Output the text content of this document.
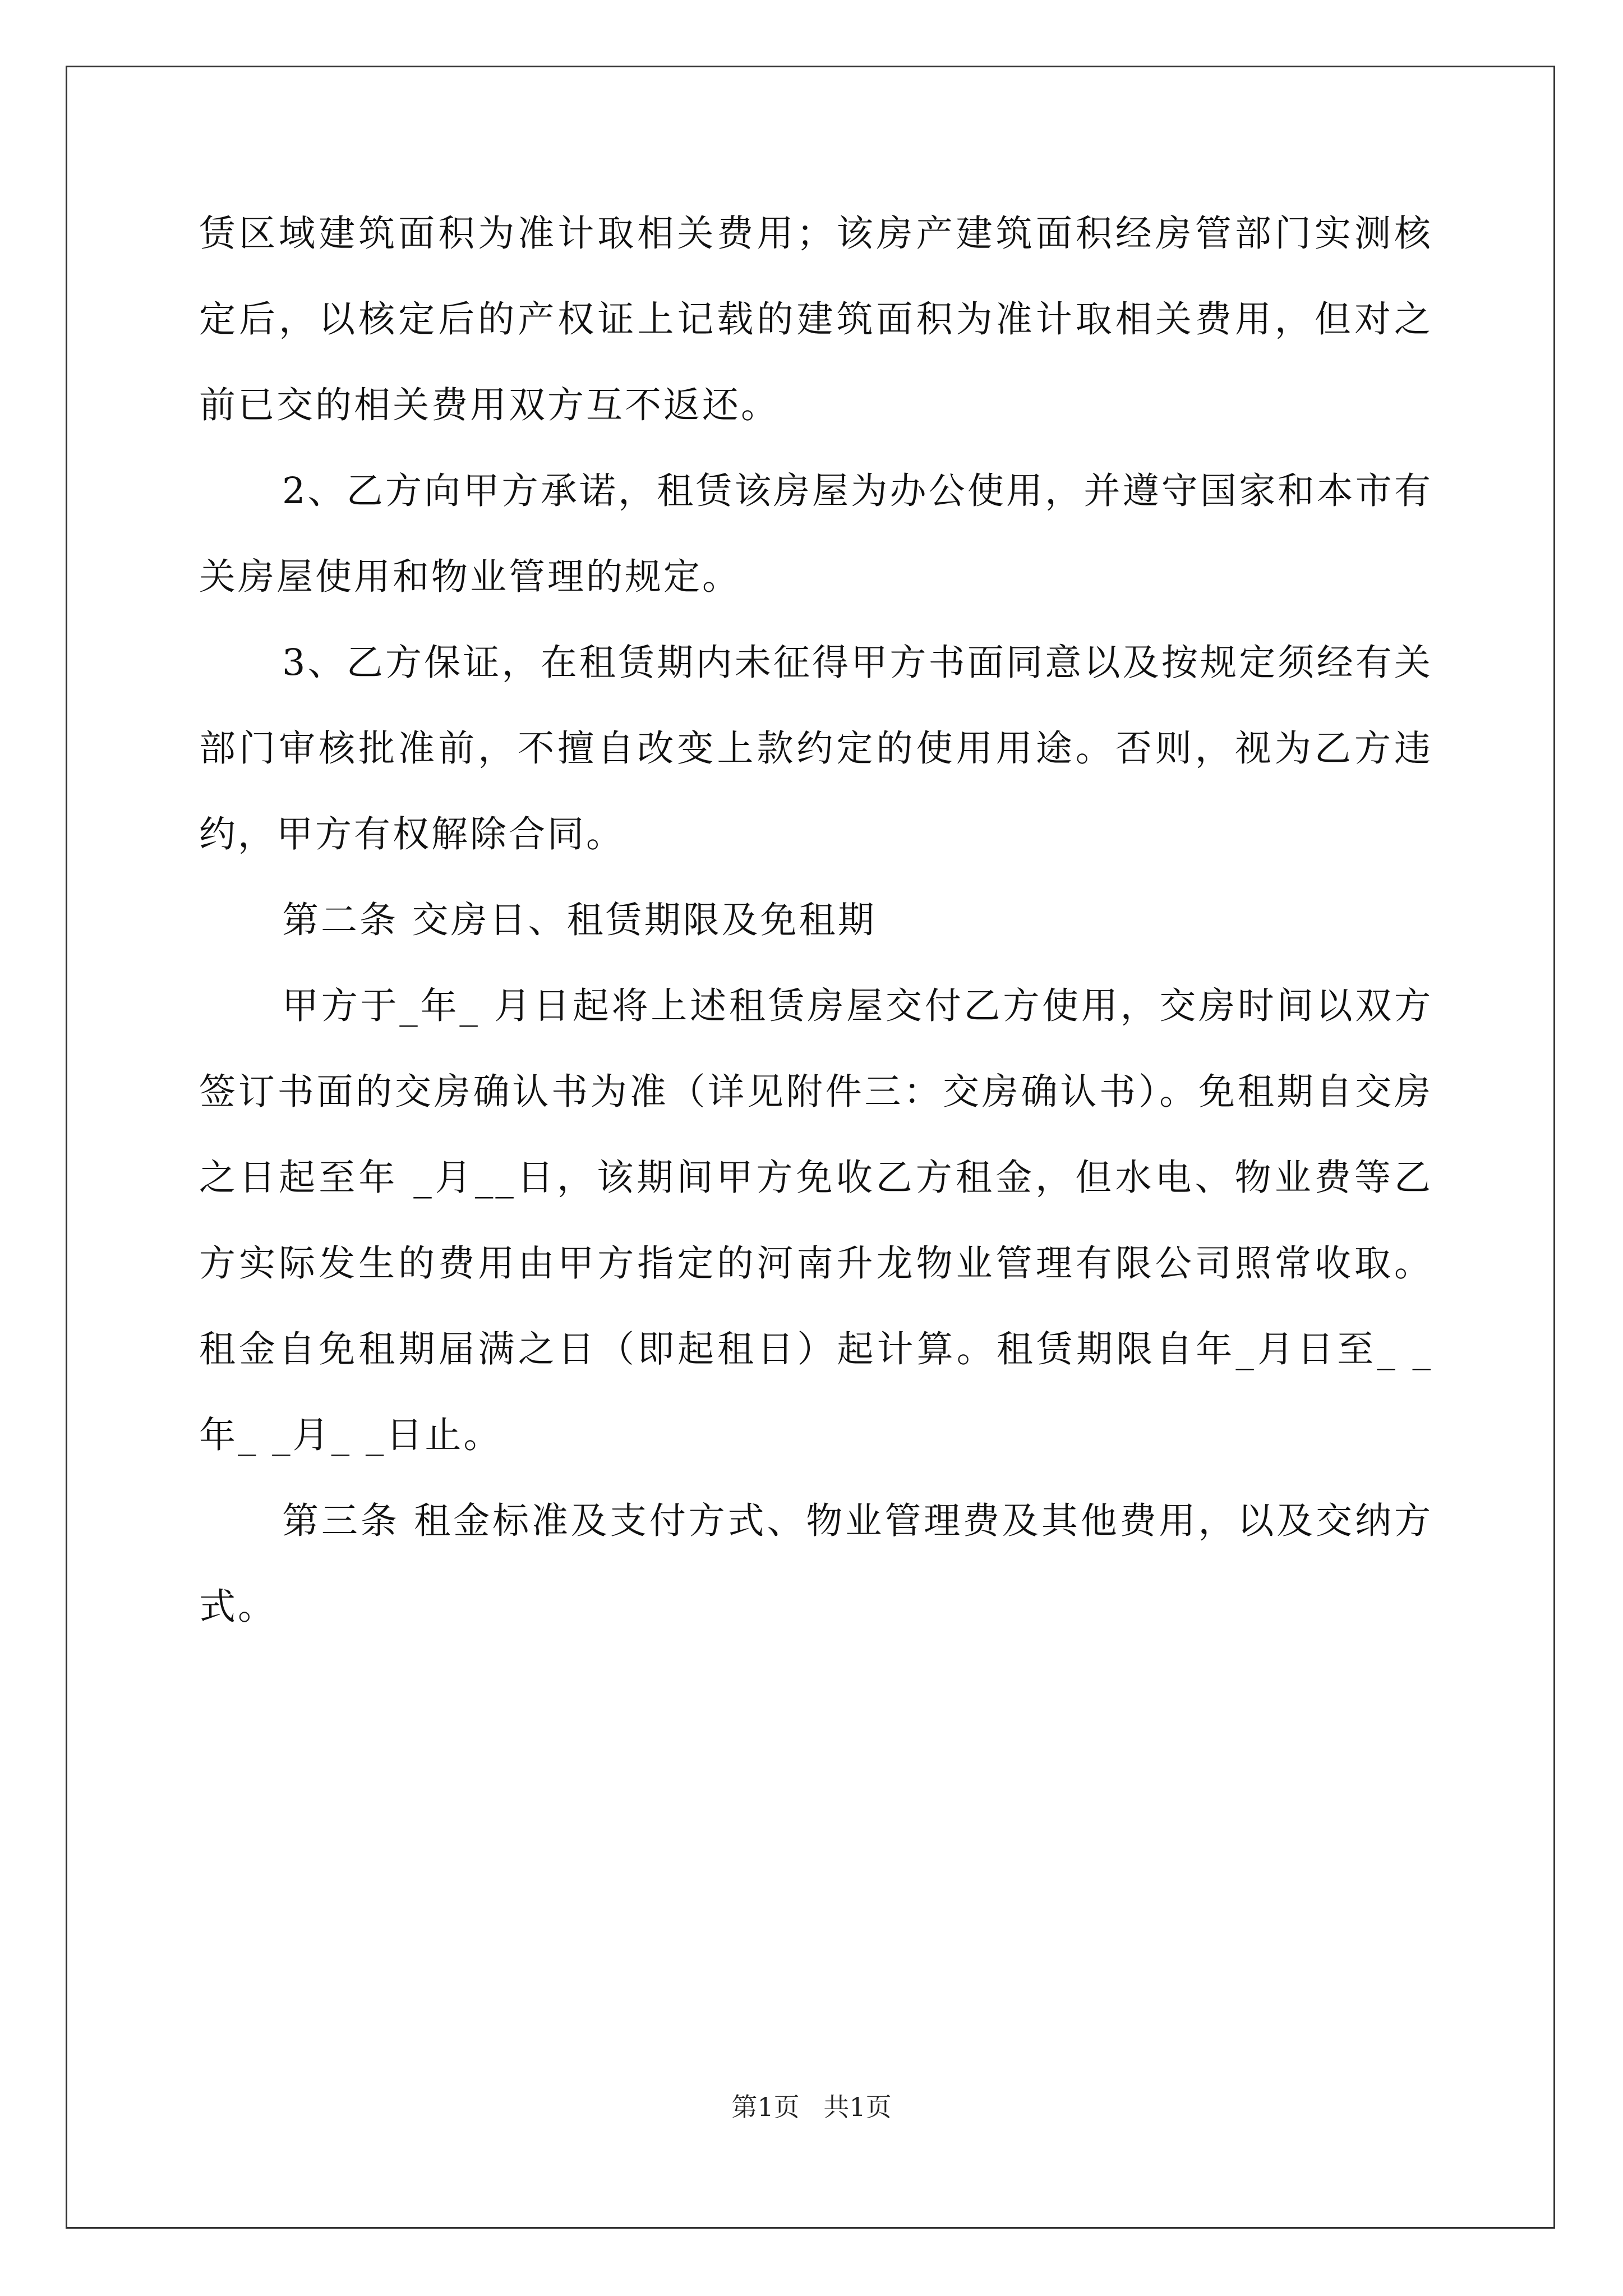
赁区域建筑面积为准计取相关费用；该房产建筑面积经房管部门实测核定后，以核定后的产权证上记载的建筑面积为准计取相关费用，但对之前已交的相关费用双方互不返还。

2、乙方向甲方承诺，租赁该房屋为办公使用，并遵守国家和本市有关房屋使用和物业管理的规定。

3、乙方保证，在租赁期内未征得甲方书面同意以及按规定须经有关部门审核批准前，不擅自改变上款约定的使用用途。否则，视为乙方违约，甲方有权解除合同。

第二条 交房日、租赁期限及免租期

甲方于_年_ 月日起将上述租赁房屋交付乙方使用，交房时间以双方签订书面的交房确认书为准（详见附件三：交房确认书）。免租期自交房之日起至年 _月__日，该期间甲方免收乙方租金，但水电、物业费等乙方实际发生的费用由甲方指定的河南升龙物业管理有限公司照常收取。租金自免租期届满之日（即起租日）起计算。租赁期限自年_月日至_ _年_ _月_ _日止。

第三条 租金标准及支付方式、物业管理费及其他费用，以及交纳方式。

第1页 共1页
